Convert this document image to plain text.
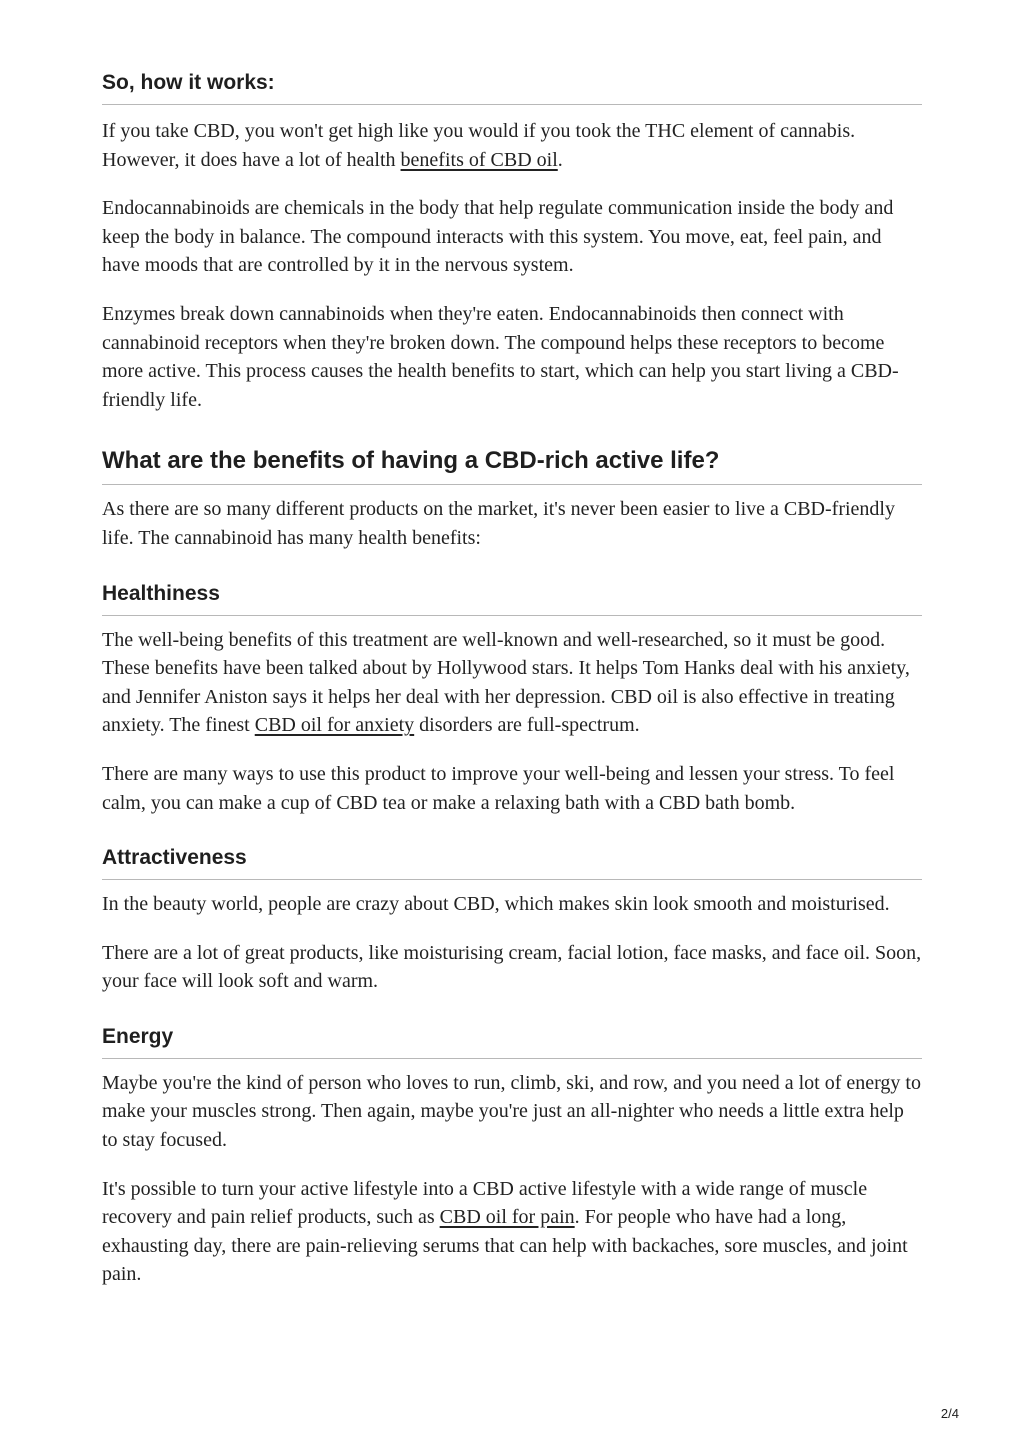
So, how it works:

If you take CBD, you won't get high like you would if you took the THC element of cannabis. However, it does have a lot of health benefits of CBD oil.

Endocannabinoids are chemicals in the body that help regulate communication inside the body and keep the body in balance. The compound interacts with this system. You move, eat, feel pain, and have moods that are controlled by it in the nervous system.

Enzymes break down cannabinoids when they're eaten. Endocannabinoids then connect with cannabinoid receptors when they're broken down. The compound helps these receptors to become more active. This process causes the health benefits to start, which can help you start living a CBD-friendly life.

What are the benefits of having a CBD-rich active life?

As there are so many different products on the market, it's never been easier to live a CBD-friendly life. The cannabinoid has many health benefits:

Healthiness

The well-being benefits of this treatment are well-known and well-researched, so it must be good. These benefits have been talked about by Hollywood stars. It helps Tom Hanks deal with his anxiety, and Jennifer Aniston says it helps her deal with her depression. CBD oil is also effective in treating anxiety. The finest CBD oil for anxiety disorders are full-spectrum.

There are many ways to use this product to improve your well-being and lessen your stress. To feel calm, you can make a cup of CBD tea or make a relaxing bath with a CBD bath bomb.

Attractiveness

In the beauty world, people are crazy about CBD, which makes skin look smooth and moisturised.

There are a lot of great products, like moisturising cream, facial lotion, face masks, and face oil. Soon, your face will look soft and warm.

Energy

Maybe you're the kind of person who loves to run, climb, ski, and row, and you need a lot of energy to make your muscles strong. Then again, maybe you're just an all-nighter who needs a little extra help to stay focused.

It's possible to turn your active lifestyle into a CBD active lifestyle with a wide range of muscle recovery and pain relief products, such as CBD oil for pain. For people who have had a long, exhausting day, there are pain-relieving serums that can help with backaches, sore muscles, and joint pain.

2/4
